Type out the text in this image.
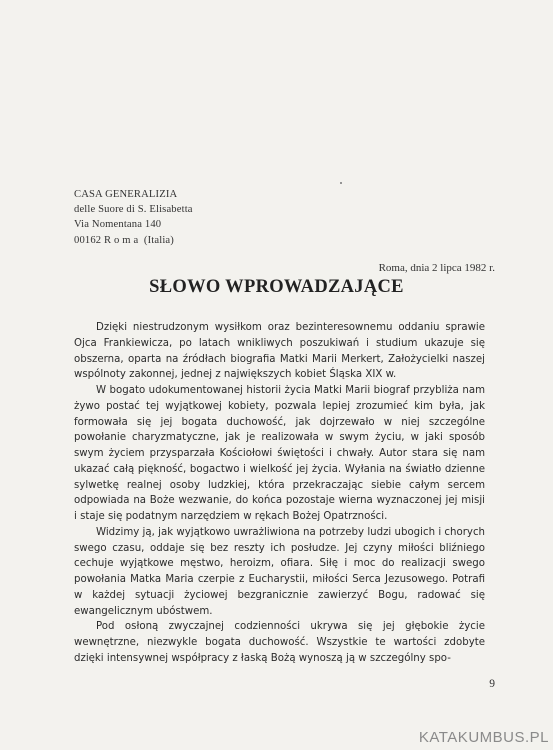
CASA GENERALIZIA
delle Suore di S. Elisabetta
Via Nomentana 140
00162 R o m a  (Italia)
Roma, dnia 2 lipca 1982 r.
SŁOWO WPROWADZAJĄCE

Dzięki niestrudzonym wysiłkom oraz bezinteresownemu oddaniu sprawie Ojca Frankiewicza, po latach wnikliwych poszukiwań i studium ukazuje się obszerna, oparta na źródłach biografia Matki Marii Merkert, Założycielki naszej wspólnoty zakonnej, jednej z największych kobiet Śląska XIX w.

W bogato udokumentowanej historii życia Matki Marii biograf przybliża nam żywo postać tej wyjątkowej kobiety, pozwala lepiej zrozumieć kim była, jak formowała się jej bogata duchowość, jak dojrzewało w niej szczególne powołanie charyzmatyczne, jak je realizowała w swym życiu, w jaki sposób swym życiem przysparzała Kościołowi świętości i chwały. Autor stara się nam ukazać całą piękność, bogactwo i wielkość jej życia. Wyłania na światło dzienne sylwetkę realnej osoby ludzkiej, która przekraczając siebie całym sercem odpowiada na Boże wezwanie, do końca pozostaje wierna wyznaczonej jej misji i staje się podatnym narzędziem w rękach Bożej Opatrzności.

Widzimy ją, jak wyjątkowo uwrażliwiona na potrzeby ludzi ubogich i chorych swego czasu, oddaje się bez reszty ich posłudze. Jej czyny miłości bliźniego cechuje wyjątkowe męstwo, heroizm, ofiara. Siłę i moc do realizacji swego powołania Matka Maria czerpie z Eucharystii, miłości Serca Jezusowego. Potrafi w każdej sytuacji życiowej bezgranicznie zawierzyć Bogu, radować się ewangelicznym ubóstwem.

Pod osłoną zwyczajnej codzienności ukrywa się jej głębokie życie wewnętrzne, niezwykle bogata duchowość. Wszystkie te wartości zdobyte dzięki intensywnej współpracy z łaską Bożą wynoszą ją w szczególny spo-

9
KATAKUMBUS.PL
